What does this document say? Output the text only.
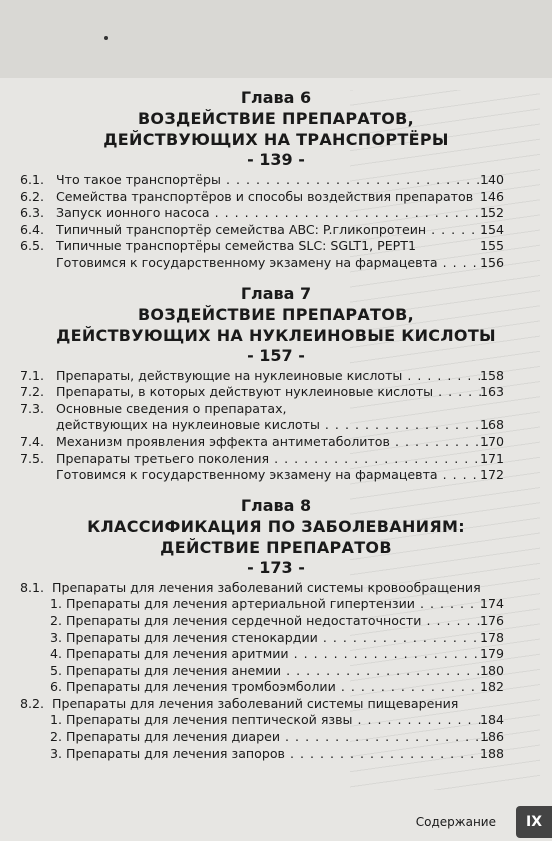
Глава 6
ВОЗДЕЙСТВИЕ ПРЕПАРАТОВ,
ДЕЙСТВУЮЩИХ НА ТРАНСПОРТЁРЫ
- 139 -
6.1. Что такое транспортёры . . .	140
6.2. Семейства транспортёров и способы воздействия препаратов 146
6.3. Запуск ионного насоса . . .	152
6.4. Типичный транспортёр семейства ABC: P.гликопротеин . . .	154
6.5. Типичные транспортёры семейства SLC: SGLT1, PEPT1	155
Готовимся к государственному экзамену на фармацевта . . .	156
Глава 7
ВОЗДЕЙСТВИЕ ПРЕПАРАТОВ,
ДЕЙСТВУЮЩИХ НА НУКЛЕИНОВЫЕ КИСЛОТЫ
- 157 -
7.1. Препараты, действующие на нуклеиновые кислоты . . .	158
7.2. Препараты, в которых действуют нуклеиновые кислоты . . .	163
7.3. Основные сведения о препаратах,
действующих на нуклеиновые кислоты . . .	168
7.4. Механизм проявления эффекта антиметаболитов . . .	170
7.5. Препараты третьего поколения . . .	171
Готовимся к государственному экзамену на фармацевта . . .	172
Глава 8
КЛАССИФИКАЦИЯ ПО ЗАБОЛЕВАНИЯМ:
ДЕЙСТВИЕ ПРЕПАРАТОВ
- 173 -
8.1. Препараты для лечения заболеваний системы кровообращения
1. Препараты для лечения артериальной гипертензии . . .	174
2. Препараты для лечения сердечной недостаточности . . .	176
3. Препараты для лечения стенокардии . . .	178
4. Препараты для лечения аритмии . . .	179
5. Препараты для лечения анемии . . .	180
6. Препараты для лечения тромбоэмболии . . .	182
8.2. Препараты для лечения заболеваний системы пищеварения
1. Препараты для лечения пептической язвы . . .	184
2. Препараты для лечения диареи . . .	186
3. Препараты для лечения запоров . . .	188
Содержание	IX
